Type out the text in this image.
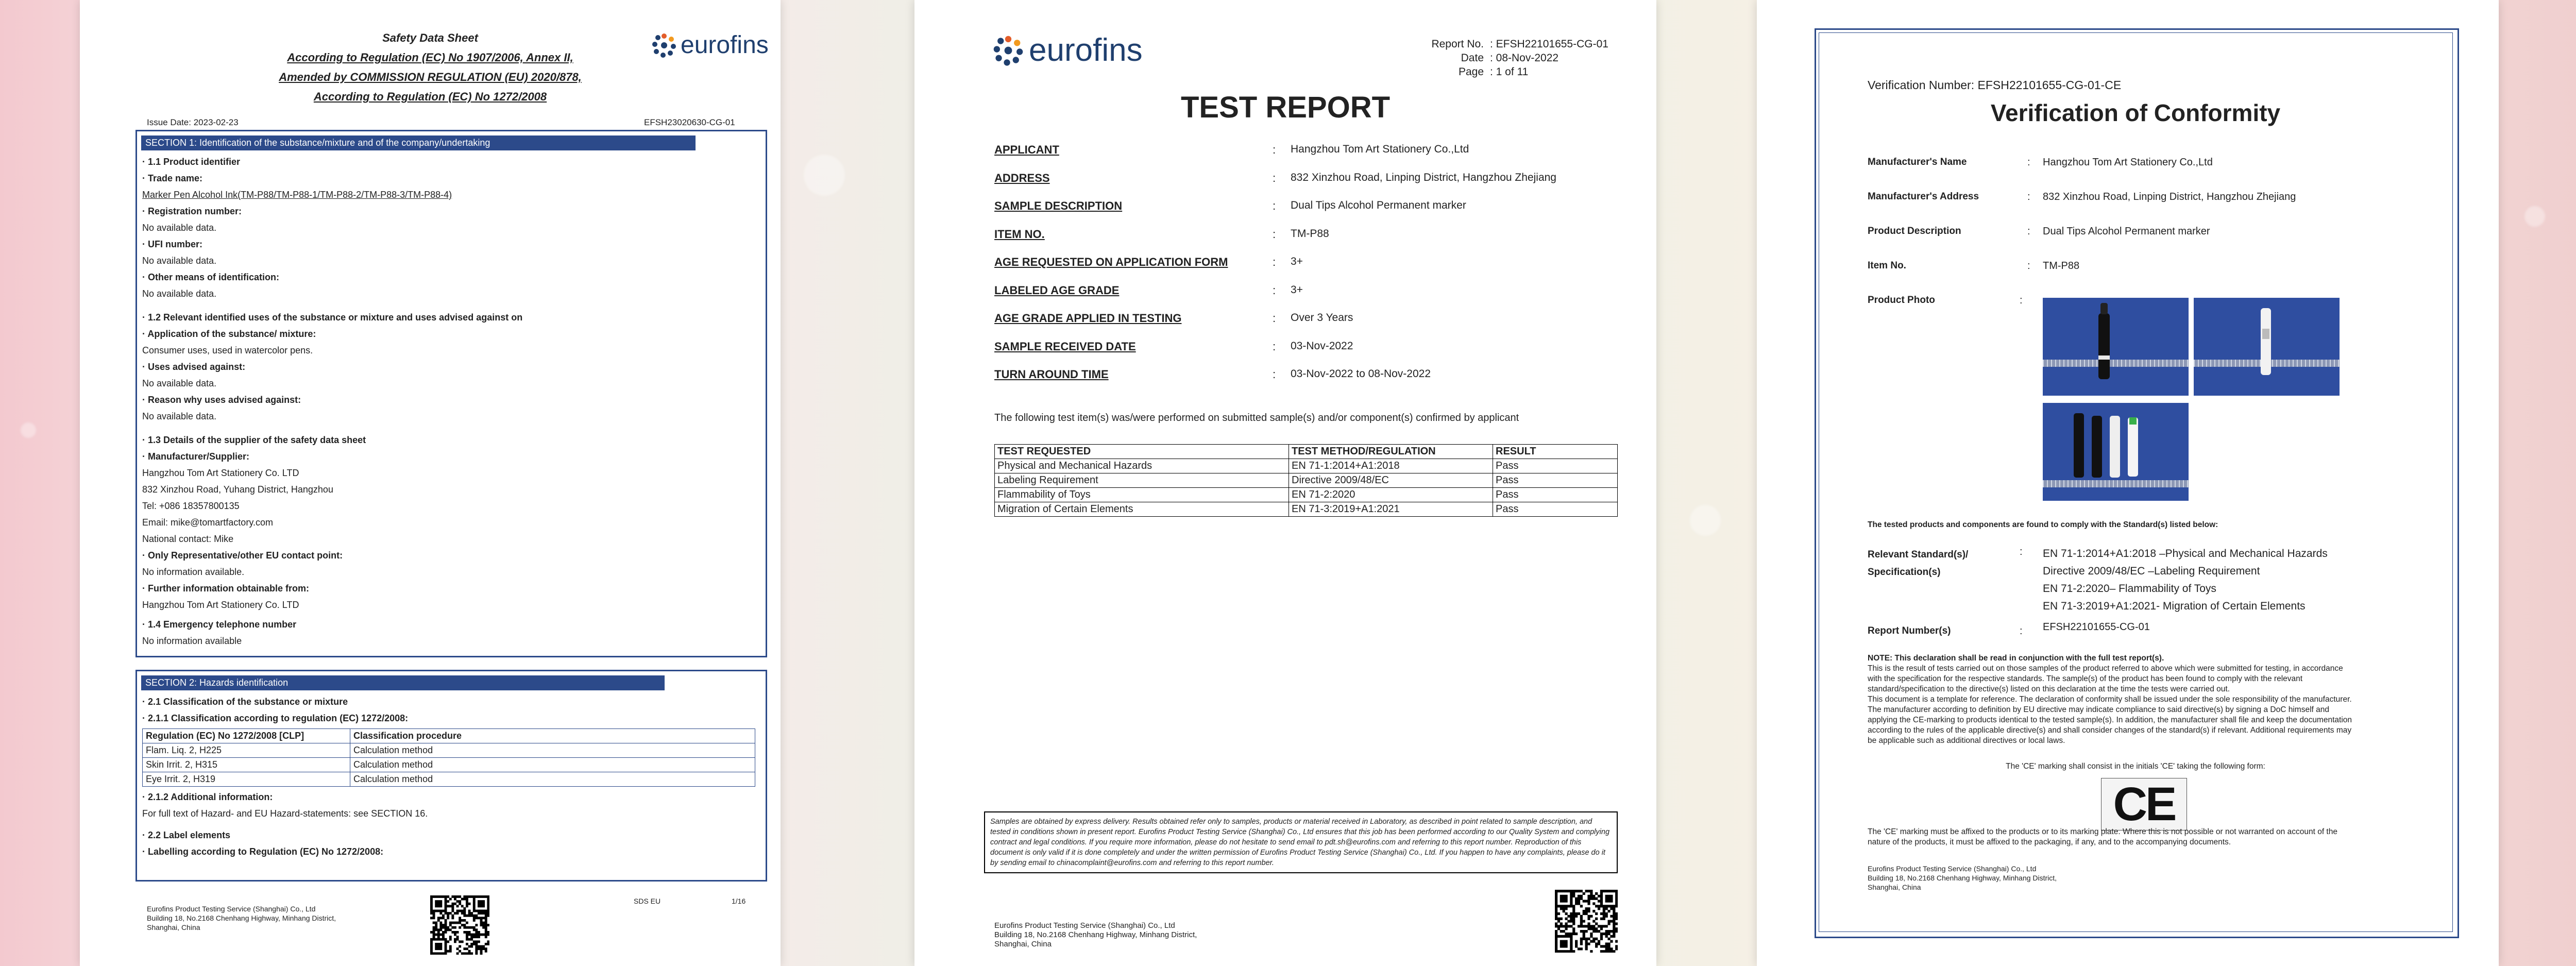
Safety Data Sheet
According to Regulation (EC) No 1907/2006, Annex II,
Amended by COMMISSION REGULATION (EU) 2020/878,
According to Regulation (EC) No 1272/2008
eurofins
Issue Date: 2023-02-23	EFSH23020630-CG-01
SECTION 1: Identification of the substance/mixture and of the company/undertaking
· 1.1 Product identifier
· Trade name:
Marker Pen Alcohol Ink(TM-P88/TM-P88-1/TM-P88-2/TM-P88-3/TM-P88-4)
· Registration number:
No available data.
· UFI number:
No available data.
· Other means of identification:
No available data.
· 1.2 Relevant identified uses of the substance or mixture and uses advised against on
· Application of the substance/ mixture:
Consumer uses, used in watercolor pens.
· Uses advised against:
No available data.
· Reason why uses advised against:
No available data.
· 1.3 Details of the supplier of the safety data sheet
· Manufacturer/Supplier:
Hangzhou Tom Art Stationery Co. LTD
832 Xinzhou Road, Yuhang District, Hangzhou
Tel: +086 18357800135
Email: mike@tomartfactory.com
National contact: Mike
· Only Representative/other EU contact point:
No information available.
· Further information obtainable from:
Hangzhou Tom Art Stationery Co. LTD
· 1.4 Emergency telephone number
No information available
SECTION 2: Hazards identification
· 2.1 Classification of the substance or mixture
· 2.1.1 Classification according to regulation (EC) 1272/2008:
Regulation (EC) No 1272/2008 [CLP]	Classification procedure
Flam. Liq. 2, H225	Calculation method
Skin Irrit. 2, H315	Calculation method
Eye Irrit. 2, H319	Calculation method
· 2.1.2 Additional information:
For full text of Hazard- and EU Hazard-statements: see SECTION 16.
· 2.2 Label elements
· Labelling according to Regulation (EC) No 1272/2008:
Eurofins Product Testing Service (Shanghai) Co., Ltd
Building 18, No.2168 Chenhang Highway, Minhang District,
Shanghai, China
SDS EU	1/16
eurofins	Report No. : EFSH22101655-CG-01
Date : 08-Nov-2022
Page : 1 of 11
TEST REPORT
APPLICANT	:	Hangzhou Tom Art Stationery Co.,Ltd
ADDRESS	:	832 Xinzhou Road, Linping District, Hangzhou Zhejiang
SAMPLE DESCRIPTION	:	Dual Tips Alcohol Permanent marker
ITEM NO.	:	TM-P88
AGE REQUESTED ON APPLICATION FORM	:	3+
LABELED AGE GRADE	:	3+
AGE GRADE APPLIED IN TESTING	:	Over 3 Years
SAMPLE RECEIVED DATE	:	03-Nov-2022
TURN AROUND TIME	:	03-Nov-2022 to 08-Nov-2022
The following test item(s) was/were performed on submitted sample(s) and/or component(s) confirmed by applicant
TEST REQUESTED	TEST METHOD/REGULATION	RESULT
Physical and Mechanical Hazards	EN 71-1:2014+A1:2018	Pass
Labeling Requirement	Directive 2009/48/EC	Pass
Flammability of Toys	EN 71-2:2020	Pass
Migration of Certain Elements	EN 71-3:2019+A1:2021	Pass
Samples are obtained by express delivery. Results obtained refer only to samples, products or material received in Laboratory, as described in point related to sample description, and tested in conditions shown in present report. Eurofins Product Testing Service (Shanghai) Co., Ltd ensures that this job has been performed according to our Quality System and complying contract and legal conditions. If you require more information, please do not hesitate to send email to pdt.sh@eurofins.com and referring to this report number. Reproduction of this document is only valid if it is done completely and under the written permission of Eurofins Product Testing Service (Shanghai) Co., Ltd. If you happen to have any complaints, please do it by sending email to chinacomplaint@eurofins.com and referring to this report number.
Eurofins Product Testing Service (Shanghai) Co., Ltd
Building 18, No.2168 Chenhang Highway, Minhang District,
Shanghai, China
Verification Number: EFSH22101655-CG-01-CE
Verification of Conformity
Manufacturer's Name	:	Hangzhou Tom Art Stationery Co.,Ltd
Manufacturer's Address	:	832 Xinzhou Road, Linping District, Hangzhou Zhejiang
Product Description	:	Dual Tips Alcohol Permanent marker
Item No.	:	TM-P88
Product Photo	:
The tested products and components are found to comply with the Standard(s) listed below:
Relevant Standard(s)/
Specification(s)
: EN 71-1:2014+A1:2018 –Physical and Mechanical Hazards
Directive 2009/48/EC –Labeling Requirement
EN 71-2:2020– Flammability of Toys
EN 71-3:2019+A1:2021- Migration of Certain Elements
Report Number(s)	: EFSH22101655-CG-01
NOTE: This declaration shall be read in conjunction with the full test report(s).
This is the result of tests carried out on those samples of the product referred to above which were submitted for testing, in accordance
with the specification for the respective standards. The sample(s) of the product has been found to comply with the relevant
standard/specification to the directive(s) listed on this declaration at the time the tests were carried out.
This document is a template for reference. The declaration of conformity shall be issued under the sole responsibility of the manufacturer.
The manufacturer according to definition by EU directive may indicate compliance to said directive(s) by signing a DoC himself and
applying the CE-marking to products identical to the tested sample(s). In addition, the manufacturer shall file and keep the documentation
according to the rules of the applicable directive(s) and shall consider changes of the standard(s) if relevant. Additional requirements may
be applicable such as additional directives or local laws.
The 'CE' marking shall consist in the initials 'CE' taking the following form:
CE
The 'CE' marking must be affixed to the products or to its marking plate. Where this is not possible or not warranted on account of the
nature of the products, it must be affixed to the packaging, if any, and to the accompanying documents.
Eurofins Product Testing Service (Shanghai) Co., Ltd
Building 18, No.2168 Chenhang Highway, Minhang District,
Shanghai, China
